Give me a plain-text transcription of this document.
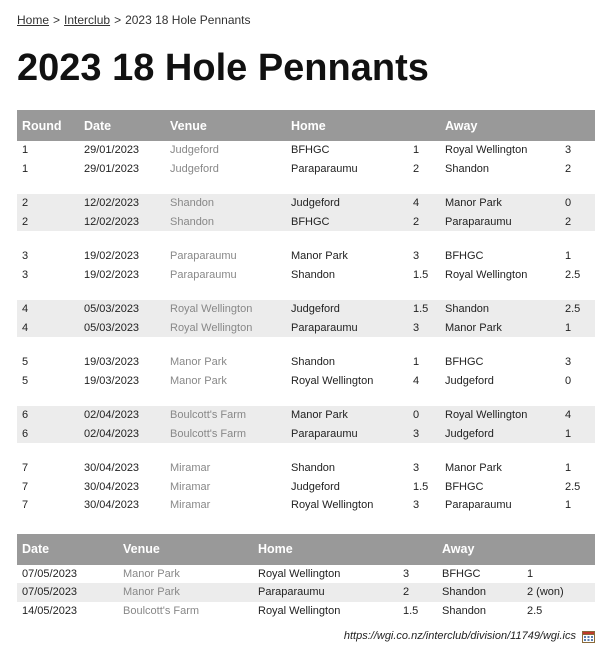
Home > Interclub > 2023 18 Hole Pennants
2023 18 Hole Pennants
Round	Date	Venue	Home		Away	
1	29/01/2023	Judgeford	BFHGC	1	Royal Wellington	3
1	29/01/2023	Judgeford	Paraparaumu	2	Shandon	2

2	12/02/2023	Shandon	Judgeford	4	Manor Park	0
2	12/02/2023	Shandon	BFHGC	2	Paraparaumu	2

3	19/02/2023	Paraparaumu	Manor Park	3	BFHGC	1
3	19/02/2023	Paraparaumu	Shandon	1.5	Royal Wellington	2.5

4	05/03/2023	Royal Wellington	Judgeford	1.5	Shandon	2.5
4	05/03/2023	Royal Wellington	Paraparaumu	3	Manor Park	1

5	19/03/2023	Manor Park	Shandon	1	BFHGC	3
5	19/03/2023	Manor Park	Royal Wellington	4	Judgeford	0

6	02/04/2023	Boulcott's Farm	Manor Park	0	Royal Wellington	4
6	02/04/2023	Boulcott's Farm	Paraparaumu	3	Judgeford	1

7	30/04/2023	Miramar	Shandon	3	Manor Park	1
7	30/04/2023	Miramar	Judgeford	1.5	BFHGC	2.5
7	30/04/2023	Miramar	Royal Wellington	3	Paraparaumu	1

Date	Venue	Home		Away	
07/05/2023	Manor Park	Royal Wellington	3	BFHGC	1
07/05/2023	Manor Park	Paraparaumu	2	Shandon	2 (won)
14/05/2023	Boulcott's Farm	Royal Wellington	1.5	Shandon	2.5
https://wgi.co.nz/interclub/division/11749/wgi.ics
